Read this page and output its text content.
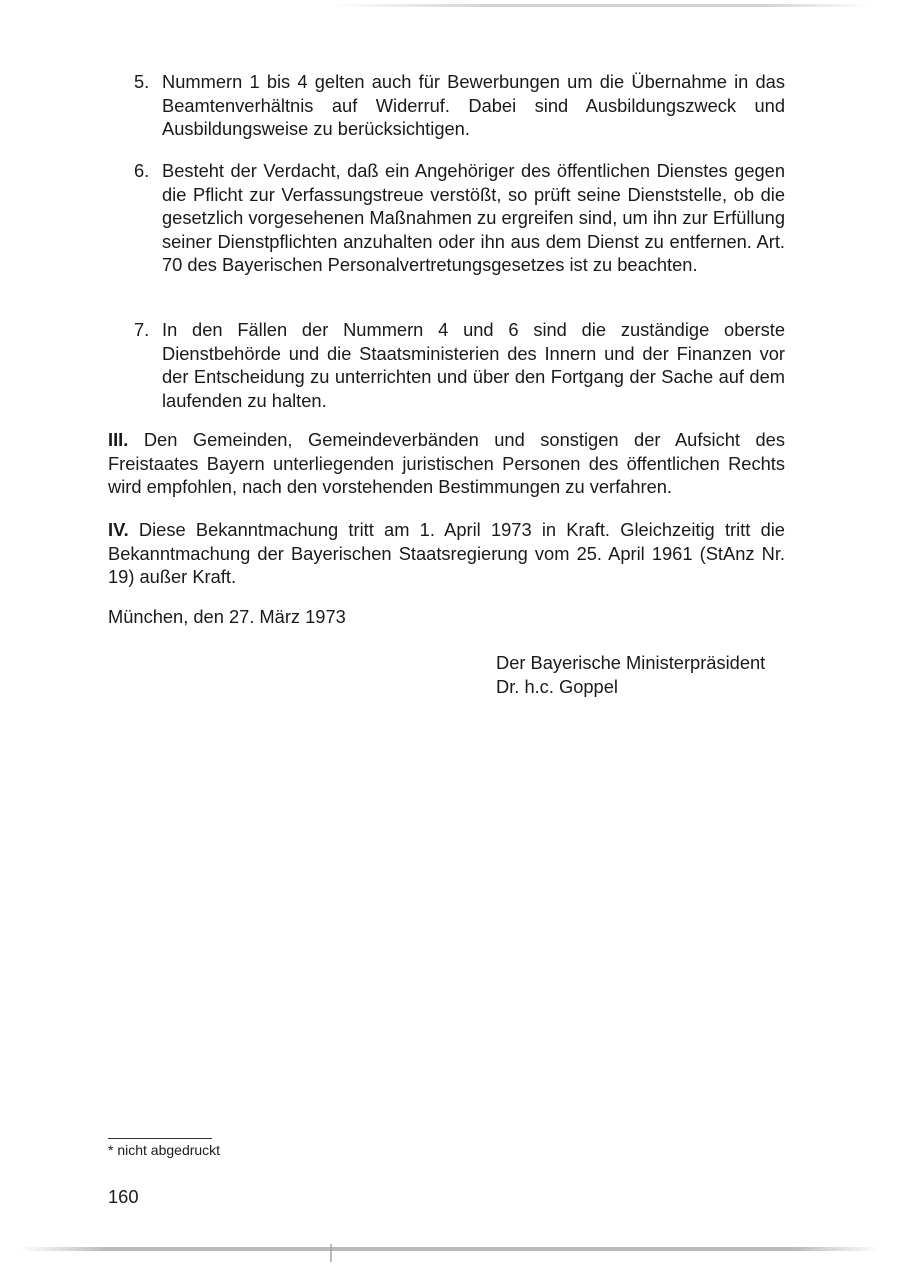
5. Nummern 1 bis 4 gelten auch für Bewerbungen um die Übernahme in das Beamtenverhältnis auf Widerruf. Dabei sind Ausbildungszweck und Ausbildungsweise zu berücksichtigen.

6. Besteht der Verdacht, daß ein Angehöriger des öffentlichen Dienstes gegen die Pflicht zur Verfassungstreue verstößt, so prüft seine Dienststelle, ob die gesetzlich vorgesehenen Maßnahmen zu ergreifen sind, um ihn zur Erfüllung seiner Dienstpflichten anzuhalten oder ihn aus dem Dienst zu entfernen. Art. 70 des Bayerischen Personalvertretungsgesetzes ist zu beachten.

7. In den Fällen der Nummern 4 und 6 sind die zuständige oberste Dienstbehörde und die Staatsministerien des Innern und der Finanzen vor der Entscheidung zu unterrichten und über den Fortgang der Sache auf dem laufenden zu halten.

III. Den Gemeinden, Gemeindeverbänden und sonstigen der Aufsicht des Freistaates Bayern unterliegenden juristischen Personen des öffentlichen Rechts wird empfohlen, nach den vorstehenden Bestimmungen zu verfahren.

IV. Diese Bekanntmachung tritt am 1. April 1973 in Kraft. Gleichzeitig tritt die Bekanntmachung der Bayerischen Staatsregierung vom 25. April 1961 (StAnz Nr. 19) außer Kraft.

München, den 27. März 1973
Der Bayerische Ministerpräsident
Dr. h.c. Goppel
* nicht abgedruckt
160
